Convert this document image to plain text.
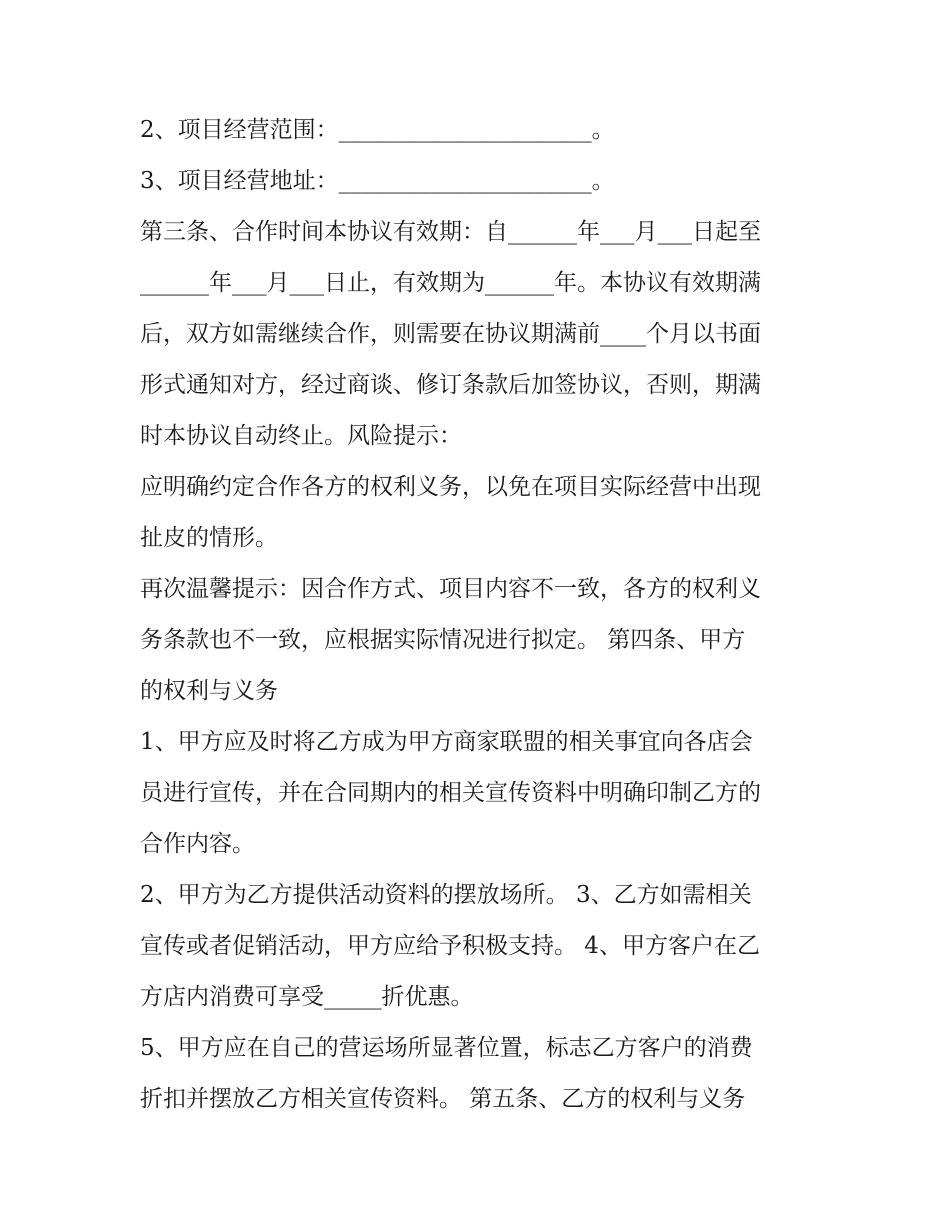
2、项目经营范围：______________________。
3、项目经营地址：______________________。
第三条、合作时间本协议有效期：自______年___月___日起至
______年___月___日止，有效期为______年。本协议有效期满
后，双方如需继续合作，则需要在协议期满前____个月以书面
形式通知对方，经过商谈、修订条款后加签协议，否则，期满
时本协议自动终止。风险提示：
应明确约定合作各方的权利义务，以免在项目实际经营中出现
扯皮的情形。
再次温馨提示：因合作方式、项目内容不一致，各方的权利义
务条款也不一致，应根据实际情况进行拟定。 第四条、甲方
的权利与义务
1、甲方应及时将乙方成为甲方商家联盟的相关事宜向各店会
员进行宣传，并在合同期内的相关宣传资料中明确印制乙方的
合作内容。
2、甲方为乙方提供活动资料的摆放场所。 3、乙方如需相关
宣传或者促销活动，甲方应给予积极支持。 4、甲方客户在乙
方店内消费可享受_____折优惠。
5、甲方应在自己的营运场所显著位置，标志乙方客户的消费
折扣并摆放乙方相关宣传资料。 第五条、乙方的权利与义务
